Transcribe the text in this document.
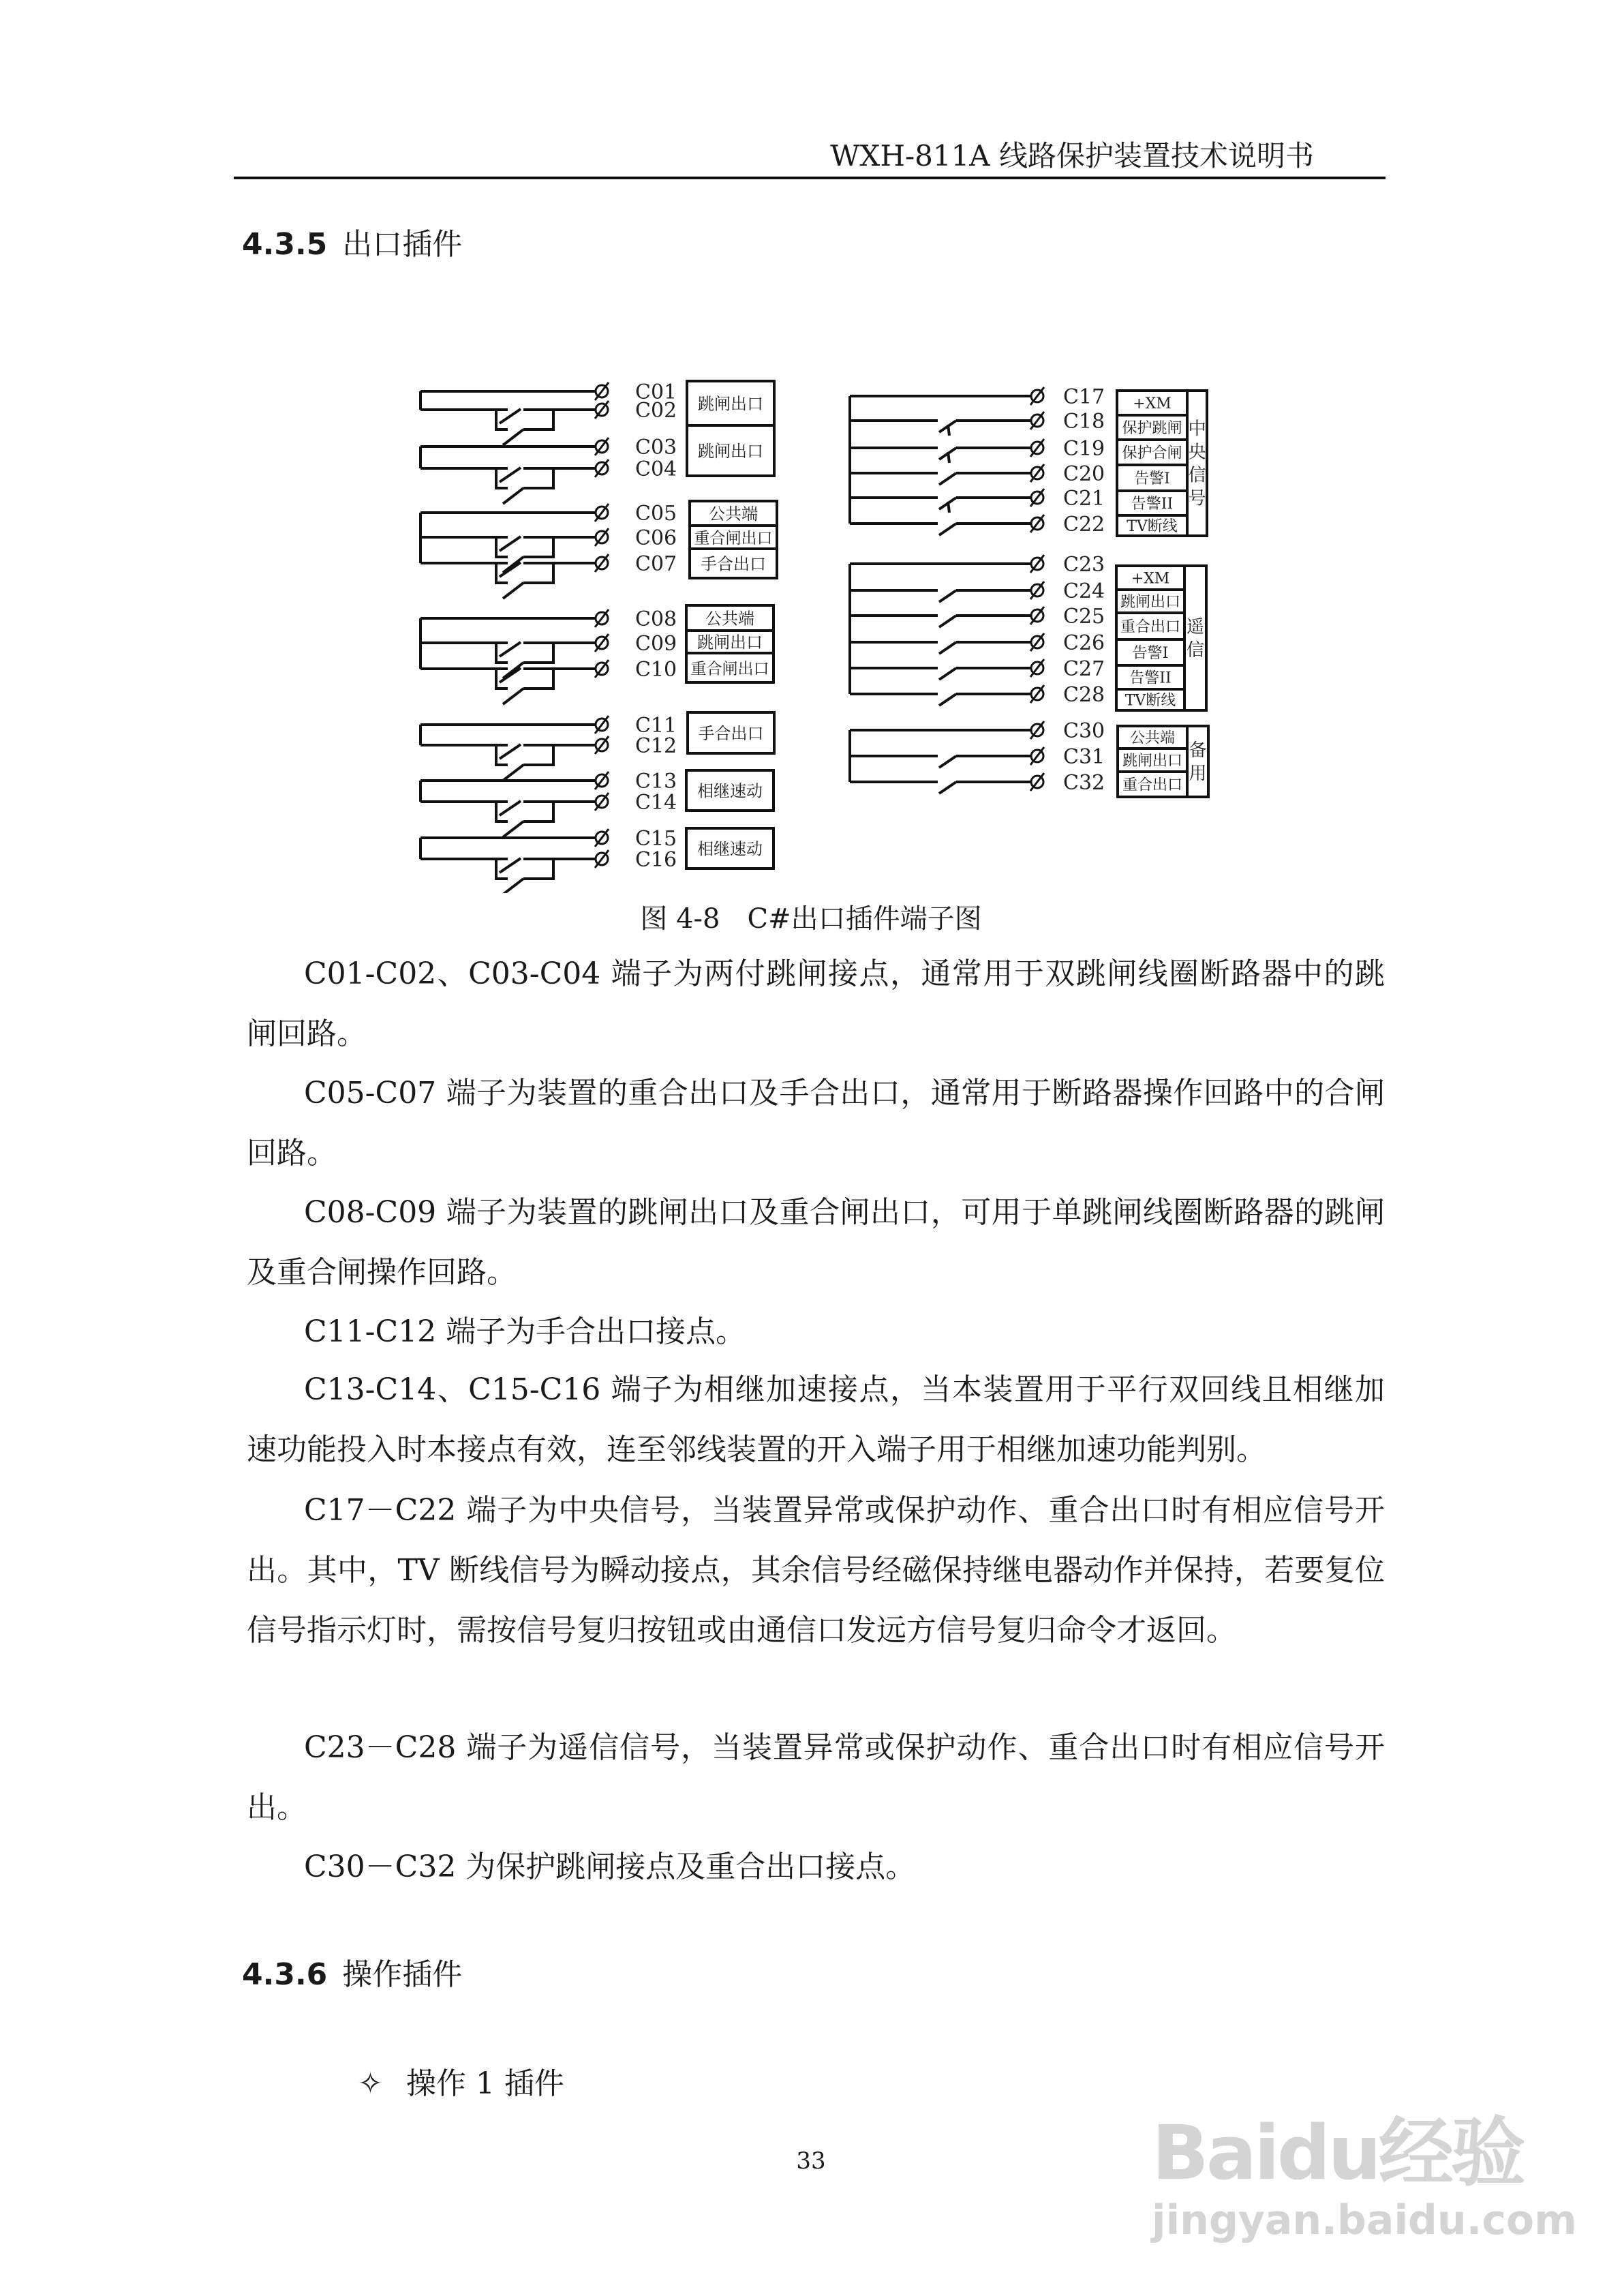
WXH-811A 线路保护装置技术说明书
4.3.5 出口插件
C01
C02
C03
C04
C05
C06
C07
C08
C09
C10
C11
C12
C13
C14
C15
C16
C17
C18
C19
C20
C21
C22
C23
C24
C25
C26
C27
C28
C30
C31
C32
跳闸出口
跳闸出口
公共端
重合闸出口
手合出口
公共端
跳闸出口
重合闸出口
手合出口
相继速动
相继速动
+XM
保护跳闸
保护合闸
告警I
告警II
TV断线
中
央
信
号
+XM
跳闸出口
重合出口
告警I
告警II
TV断线
遥
信
公共端
跳闸出口
重合出口
备
用
图 4-8　C#出口插件端子图
C01-C02、C03-C04 端子为两付跳闸接点，通常用于双跳闸线圈断路器中的跳闸回路。
C05-C07 端子为装置的重合出口及手合出口，通常用于断路器操作回路中的合闸回路。
C08-C09 端子为装置的跳闸出口及重合闸出口，可用于单跳闸线圈断路器的跳闸及重合闸操作回路。
C11-C12 端子为手合出口接点。
C13-C14、C15-C16 端子为相继加速接点，当本装置用于平行双回线且相继加速功能投入时本接点有效，连至邻线装置的开入端子用于相继加速功能判别。
C17－C22 端子为中央信号，当装置异常或保护动作、重合出口时有相应信号开出。其中，TV 断线信号为瞬动接点，其余信号经磁保持继电器动作并保持，若要复位信号指示灯时，需按信号复归按钮或由通信口发远方信号复归命令才返回。
C23－C28 端子为遥信信号，当装置异常或保护动作、重合出口时有相应信号开出。
C30－C32 为保护跳闸接点及重合出口接点。
4.3.6 操作插件
✧ 操作 1 插件
33	Baidu经验
jingyan.baidu.com
